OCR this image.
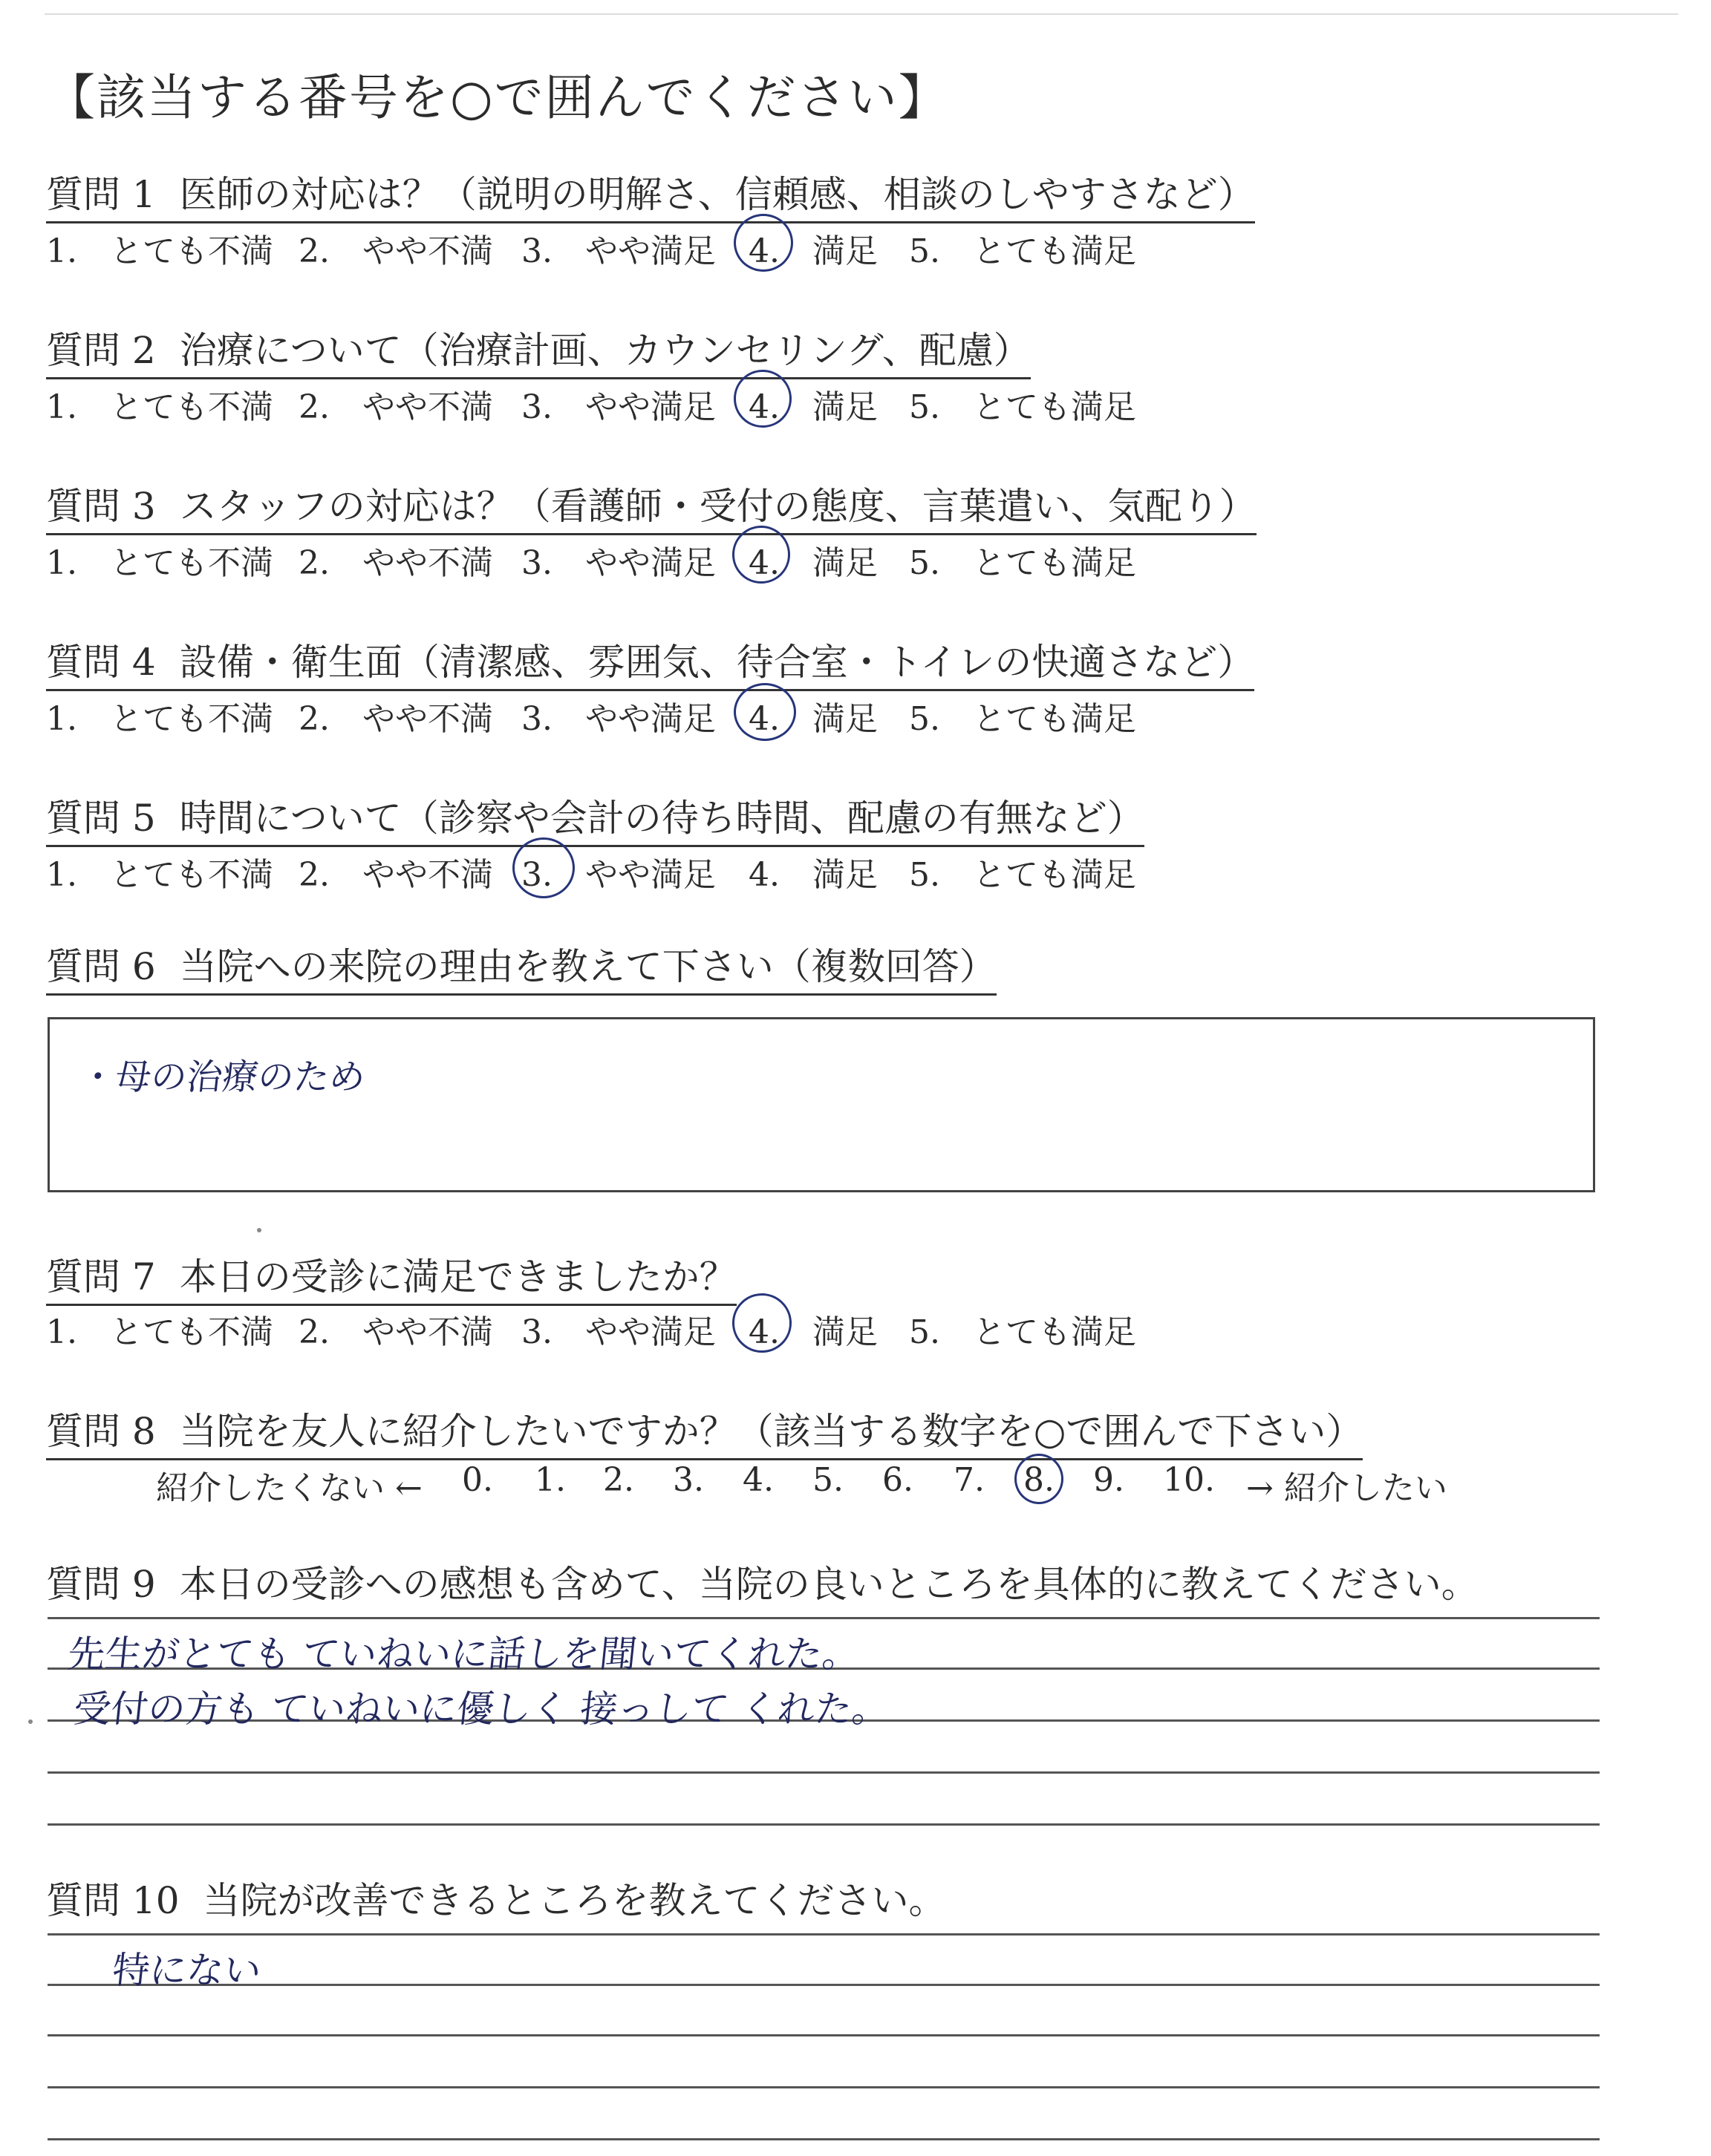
【該当する番号を○で囲んでください】
質問 1 医師の対応は？（説明の明解さ、信頼感、相談のしやすさなど）
1.　とても不満 2.　やや不満 3.　やや満足 4.　満足 5.　とても満足
質問 2 治療について（治療計画、カウンセリング、配慮）
1.　とても不満 2.　やや不満 3.　やや満足 4.　満足 5.　とても満足
質問 3 スタッフの対応は？（看護師・受付の態度、言葉遣い、気配り）
1.　とても不満 2.　やや不満 3.　やや満足 4.　満足 5.　とても満足
質問 4 設備・衛生面（清潔感、雰囲気、待合室・トイレの快適さなど）
1.　とても不満 2.　やや不満 3.　やや満足 4.　満足 5.　とても満足
質問 5 時間について（診察や会計の待ち時間、配慮の有無など）
1.　とても不満 2.　やや不満 3.　やや満足 4.　満足 5.　とても満足
質問 6 当院への来院の理由を教えて下さい（複数回答）
・母の治療のため
質問 7 本日の受診に満足できましたか？
1.　とても不満 2.　やや不満 3.　やや満足 4.　満足 5.　とても満足
質問 8 当院を友人に紹介したいですか？（該当する数字を○で囲んで下さい）
紹介したくない ← 0. 1. 2. 3. 4. 5. 6. 7. 8. 9. 10. → 紹介したい
質問 9 本日の受診への感想も含めて、当院の良いところを具体的に教えてください。
先生がとても ていねいに話しを聞いてくれた。
受付の方も ていねいに優しく 接っして くれた。
質問 10 当院が改善できるところを教えてください。
特にない
